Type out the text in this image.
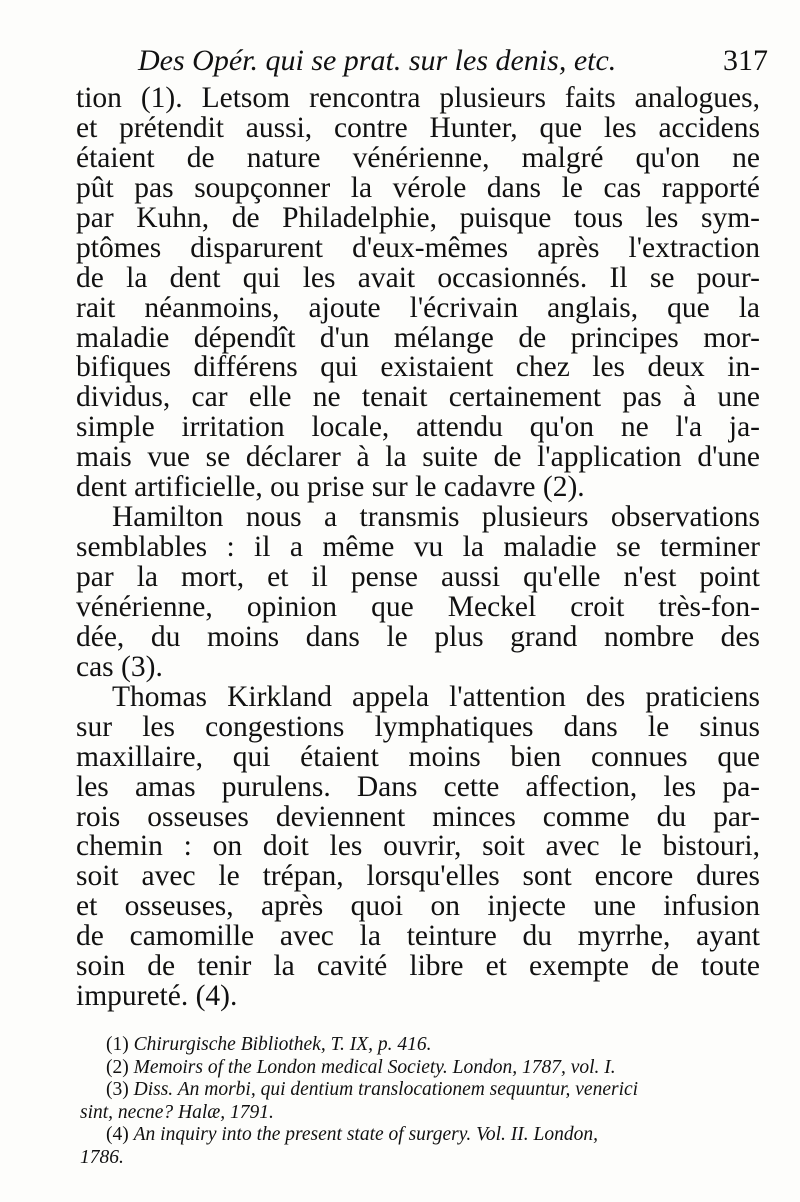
Des Opér. qui se prat. sur les denis, etc.	317
tion (1). Letsom rencontra plusieurs faits analogues,
et prétendit aussi, contre Hunter, que les accidens
étaient de nature vénérienne, malgré qu'on ne
pût pas soupçonner la vérole dans le cas rapporté
par Kuhn, de Philadelphie, puisque tous les sym-
ptômes disparurent d'eux-mêmes après l'extraction
de la dent qui les avait occasionnés. Il se pour-
rait néanmoins, ajoute l'écrivain anglais, que la
maladie dépendît d'un mélange de principes mor-
bifiques différens qui existaient chez les deux in-
dividus, car elle ne tenait certainement pas à une
simple irritation locale, attendu qu'on ne l'a ja-
mais vue se déclarer à la suite de l'application d'une
dent artificielle, ou prise sur le cadavre (2).
Hamilton nous a transmis plusieurs observations
semblables : il a même vu la maladie se terminer
par la mort, et il pense aussi qu'elle n'est point
vénérienne, opinion que Meckel croit très-fon-
dée, du moins dans le plus grand nombre des
cas (3).
Thomas Kirkland appela l'attention des praticiens
sur les congestions lymphatiques dans le sinus
maxillaire, qui étaient moins bien connues que
les amas purulens. Dans cette affection, les pa-
rois osseuses deviennent minces comme du par-
chemin : on doit les ouvrir, soit avec le bistouri,
soit avec le trépan, lorsqu'elles sont encore dures
et osseuses, après quoi on injecte une infusion
de camomille avec la teinture du myrrhe, ayant
soin de tenir la cavité libre et exempte de toute
impureté. (4).
(1) Chirurgische Bibliothek, T. IX, p. 416.
(2) Memoirs of the London medical Society. London, 1787, vol. I.
(3) Diss. An morbi, qui dentium translocationem sequuntur, venerici
sint, necne? Halæ, 1791.
(4) An inquiry into the present state of surgery. Vol. II. London,
1786.
